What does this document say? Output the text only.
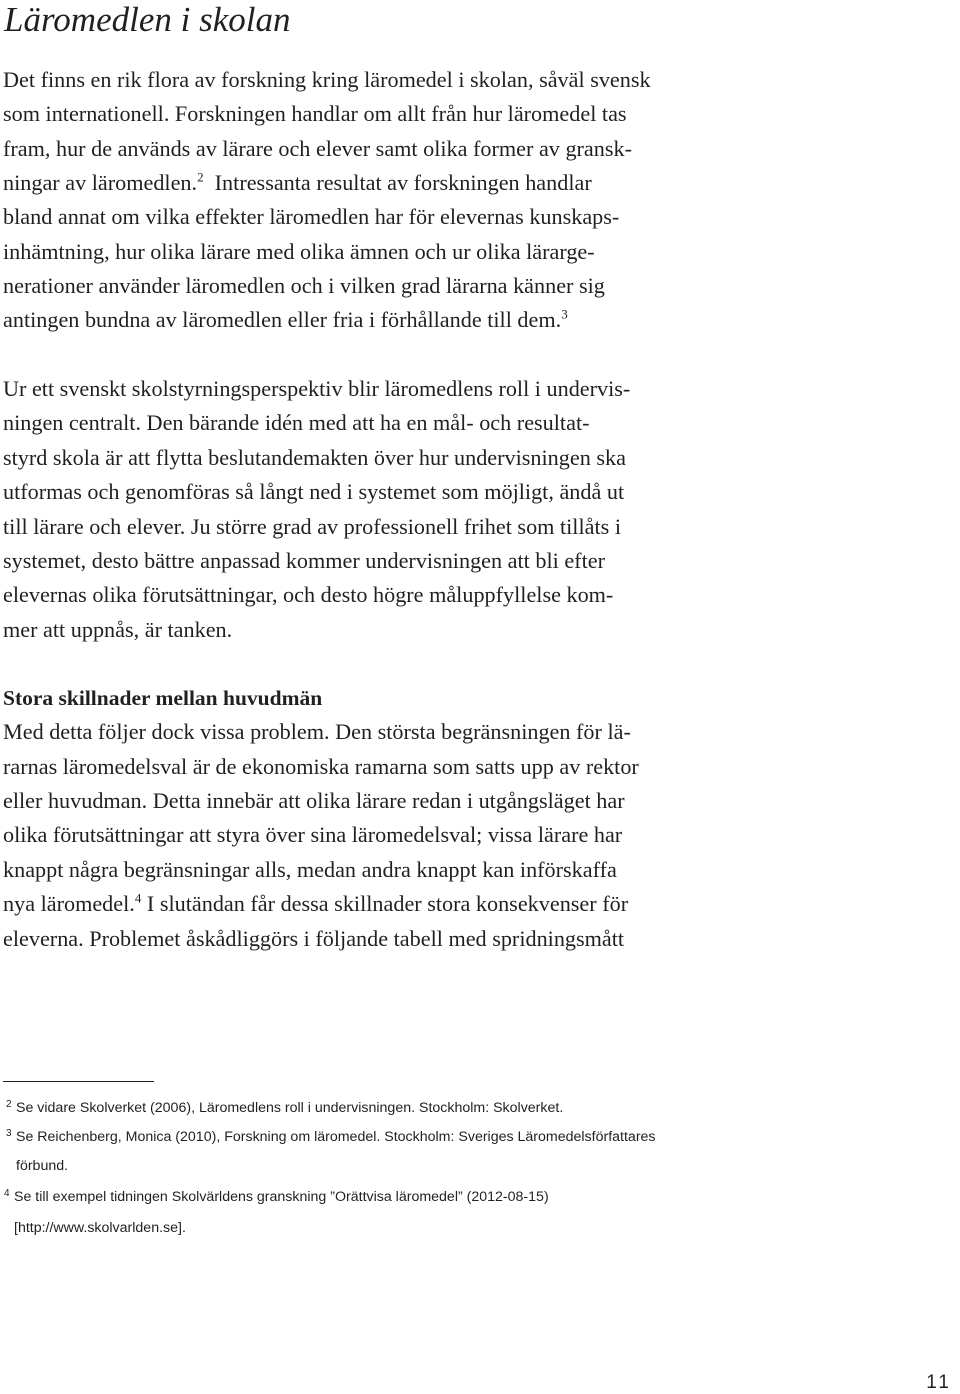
Läromedlen i skolan
Det finns en rik flora av forskning kring läromedel i skolan, såväl svensk
som internationell. Forskningen handlar om allt från hur läromedel tas
fram, hur de används av lärare och elever samt olika former av gransk-
ningar av läromedlen.$^2$ Intressanta resultat av forskningen handlar
bland annat om vilka effekter läromedlen har för elevernas kunskaps-
inhämtning, hur olika lärare med olika ämnen och ur olika lärarge-
nerationer använder läromedlen och i vilken grad lärarna känner sig
antingen bundna av läromedlen eller fria i förhållande till dem.$^3$
Ur ett svenskt skolstyrningsperspektiv blir läromedlens roll i undervis-
ningen centralt. Den bärande idén med att ha en mål- och resultat-
styrd skola är att flytta beslutandemakten över hur undervisningen ska
utformas och genomföras så långt ned i systemet som möjligt, ändå ut
till lärare och elever. Ju större grad av professionell frihet som tillåts i
systemet, desto bättre anpassad kommer undervisningen att bli efter
elevernas olika förutsättningar, och desto högre måluppfyllelse kom-
mer att uppnås, är tanken.
Stora skillnader mellan huvudmän
Med detta följer dock vissa problem. Den största begränsningen för lä-
rarnas läromedelsval är de ekonomiska ramarna som satts upp av rektor
eller huvudman. Detta innebär att olika lärare redan i utgångsläget har
olika förutsättningar att styra över sina läromedelsval; vissa lärare har
knappt några begränsningar alls, medan andra knappt kan införskaffa
nya läromedel.$^4$ I slutändan får dessa skillnader stora konsekvenser för
eleverna. Problemet åskådliggörs i följande tabell med spridningsmått
2 Se vidare Skolverket (2006), Läromedlens roll i undervisningen. Stockholm: Skolverket.
3 Se Reichenberg, Monica (2010), Forskning om läromedel. Stockholm: Sveriges Läromedelsförfattares
förbund.
4 Se till exempel tidningen Skolvärldens granskning ”Orättvisa läromedel” (2012-08-15)
[http://www.skolvarlden.se].
11
